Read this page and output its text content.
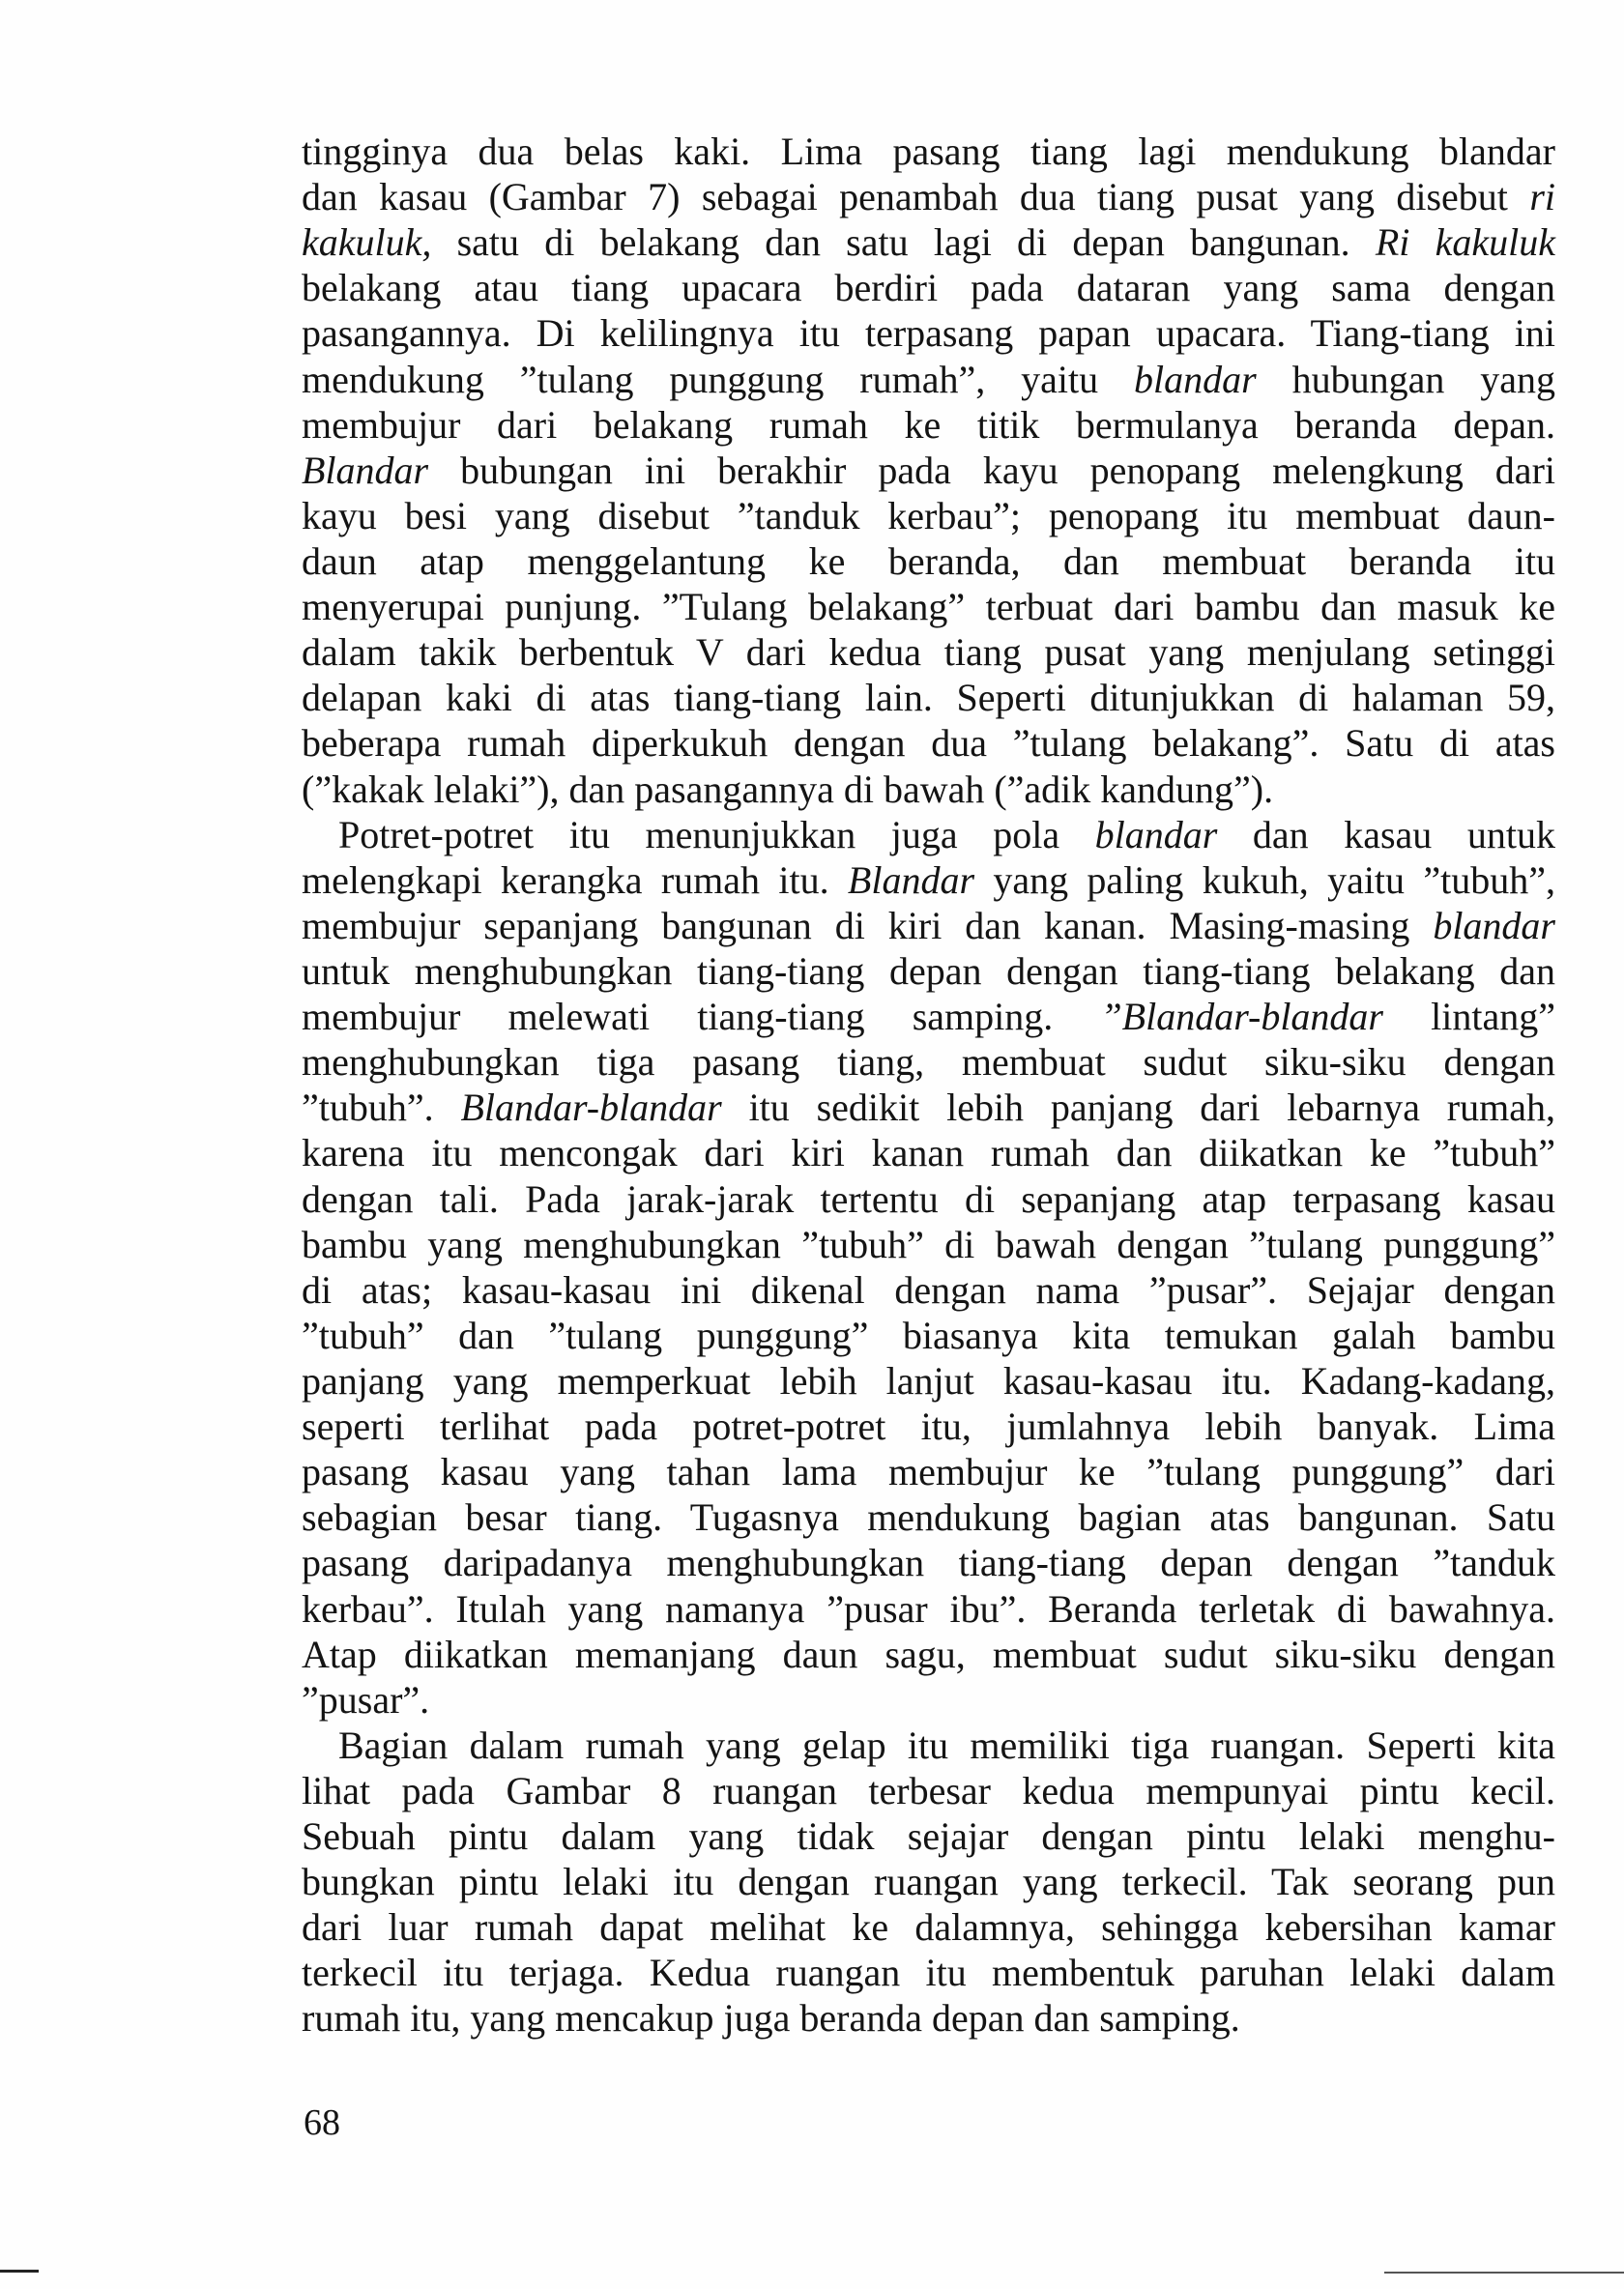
tingginya dua belas kaki. Lima pasang tiang lagi mendukung blandar
dan kasau (Gambar 7) sebagai penambah dua tiang pusat yang disebut ri
kakuluk, satu di belakang dan satu lagi di depan bangunan. Ri kakuluk
belakang atau tiang upacara berdiri pada dataran yang sama dengan
pasangannya. Di kelilingnya itu terpasang papan upacara. Tiang-tiang ini
mendukung ”tulang punggung rumah”, yaitu blandar hubungan yang
membujur dari belakang rumah ke titik bermulanya beranda depan.
Blandar bubungan ini berakhir pada kayu penopang melengkung dari
kayu besi yang disebut ”tanduk kerbau”; penopang itu membuat daun-
daun atap menggelantung ke beranda, dan membuat beranda itu
menyerupai punjung. ”Tulang belakang” terbuat dari bambu dan masuk ke
dalam takik berbentuk V dari kedua tiang pusat yang menjulang setinggi
delapan kaki di atas tiang-tiang lain. Seperti ditunjukkan di halaman 59,
beberapa rumah diperkukuh dengan dua ”tulang belakang”. Satu di atas
(”kakak lelaki”), dan pasangannya di bawah (”adik kandung”).
Potret-potret itu menunjukkan juga pola blandar dan kasau untuk
melengkapi kerangka rumah itu. Blandar yang paling kukuh, yaitu ”tubuh”,
membujur sepanjang bangunan di kiri dan kanan. Masing-masing blandar
untuk menghubungkan tiang-tiang depan dengan tiang-tiang belakang dan
membujur melewati tiang-tiang samping. ”Blandar-blandar lintang”
menghubungkan tiga pasang tiang, membuat sudut siku-siku dengan
”tubuh”. Blandar-blandar itu sedikit lebih panjang dari lebarnya rumah,
karena itu mencongak dari kiri kanan rumah dan diikatkan ke ”tubuh”
dengan tali. Pada jarak-jarak tertentu di sepanjang atap terpasang kasau
bambu yang menghubungkan ”tubuh” di bawah dengan ”tulang punggung”
di atas; kasau-kasau ini dikenal dengan nama ”pusar”. Sejajar dengan
”tubuh” dan ”tulang punggung” biasanya kita temukan galah bambu
panjang yang memperkuat lebih lanjut kasau-kasau itu. Kadang-kadang,
seperti terlihat pada potret-potret itu, jumlahnya lebih banyak. Lima
pasang kasau yang tahan lama membujur ke ”tulang punggung” dari
sebagian besar tiang. Tugasnya mendukung bagian atas bangunan. Satu
pasang daripadanya menghubungkan tiang-tiang depan dengan ”tanduk
kerbau”. Itulah yang namanya ”pusar ibu”. Beranda terletak di bawahnya.
Atap diikatkan memanjang daun sagu, membuat sudut siku-siku dengan
”pusar”.
Bagian dalam rumah yang gelap itu memiliki tiga ruangan. Seperti kita
lihat pada Gambar 8 ruangan terbesar kedua mempunyai pintu kecil.
Sebuah pintu dalam yang tidak sejajar dengan pintu lelaki menghu-
bungkan pintu lelaki itu dengan ruangan yang terkecil. Tak seorang pun
dari luar rumah dapat melihat ke dalamnya, sehingga kebersihan kamar
terkecil itu terjaga. Kedua ruangan itu membentuk paruhan lelaki dalam
rumah itu, yang mencakup juga beranda depan dan samping.
68
